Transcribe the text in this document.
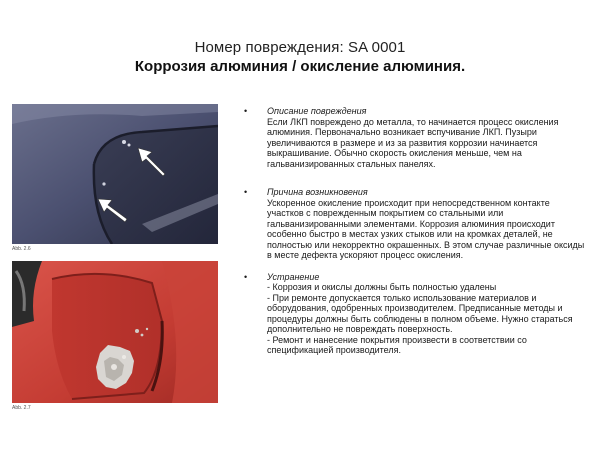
Номер повреждения: SA 0001
Коррозия алюминия / окисление алюминия.
Abb. 2.6
Abb. 2.7
• Описание повреждения
Если ЛКП повреждено до металла, то начинается процесс окисления алюминия. Первоначально возникает вспучивание ЛКП. Пузыри увеличиваются в размере и из за развития коррозии начинается выкрашивание. Обычно скорость окисления меньше, чем на гальванизированных стальных панелях.
• Причина возникновения
Ускоренное окисление происходит при непосредственном контакте участков с поврежденным покрытием со стальными или гальванизированными элементами. Коррозия алюминия происходит особенно быстро в местах узких стыков или на кромках деталей, не полностью или некорректно окрашенных. В этом случае различные оксиды в месте дефекта ускоряют процесс окисления.
• Устранение
- Коррозия и окислы должны быть полностью удалены
- При ремонте допускается только использование материалов и оборудования, одобренных производителем. Предписанные методы и процедуры должны быть соблюдены в полном объеме. Нужно стараться дополнительно не повреждать поверхность.
- Ремонт и нанесение покрытия произвести в соответствии со спецификацией производителя.
